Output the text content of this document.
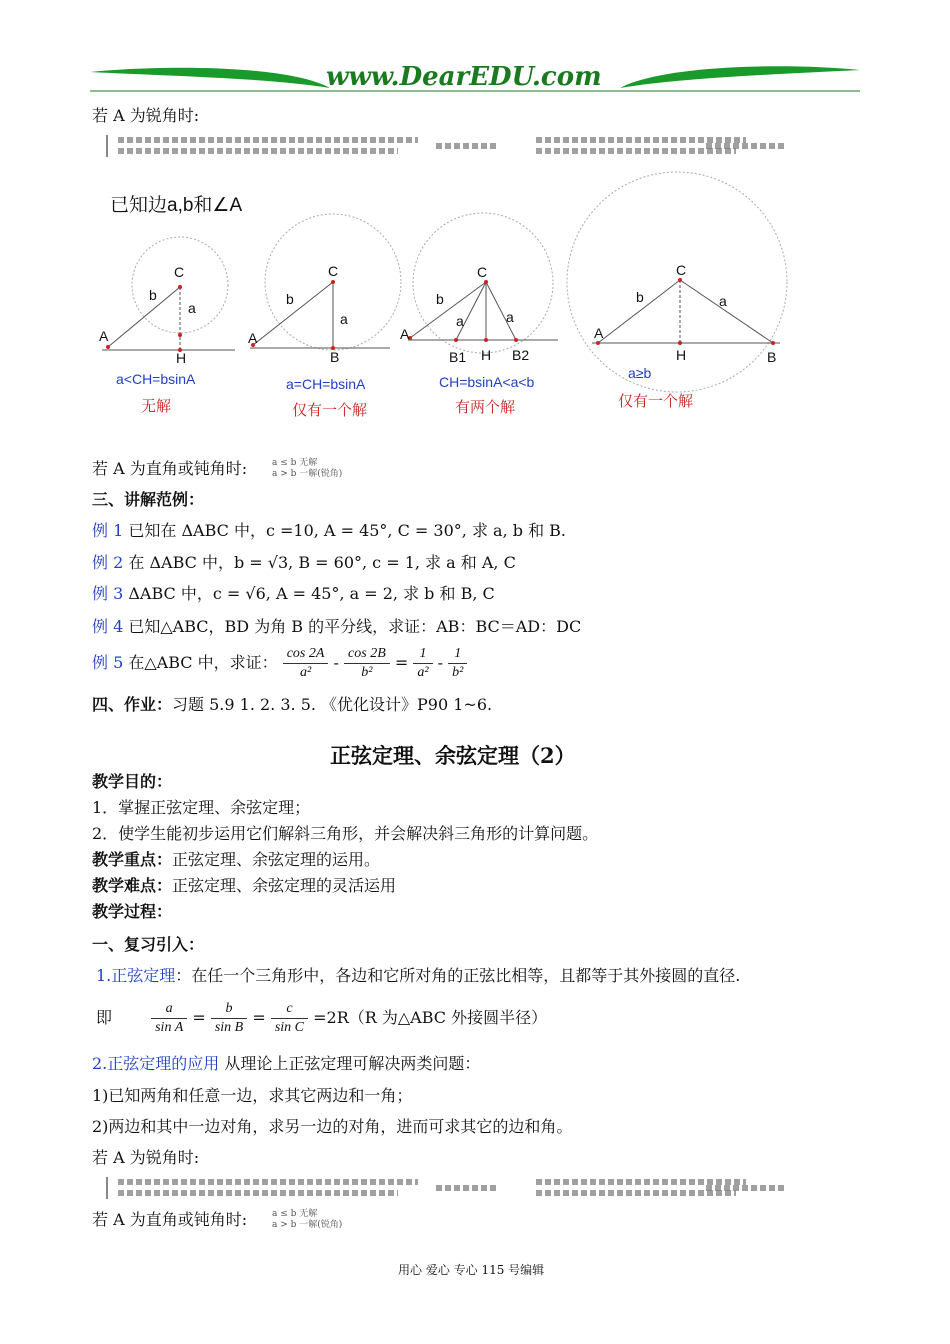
www.DearEDU.com
若 A 为锐角时:
已知边a,b和∠A
C
b
a
A
H
C
b
a
A
B
C
b
a	a
A
B1 H B2
C
b	a
A
H	B
a<CH=bsinA
无解
a=CH=bsinA
仅有一个解
CH=bsinA<a<b
有两个解
a≥b
仅有一个解
若 A 为直角或钝角时:	a ≤ b 无解
a > b 一解(锐角)
三、讲解范例：
例 1 已知在 ΔABC 中，c =10, A = 45°, C = 30°, 求 a, b 和 B.
例 2 在 ΔABC 中，b = √3, B = 60°, c = 1, 求 a 和 A, C
例 3 ΔABC 中，c = √6, A = 45°, a = 2, 求 b 和 B, C
例 4 已知△ABC，BD 为角 B 的平分线，求证：AB：BC＝AD：DC
例 5 在△ABC 中，求证： $\frac{\cos 2A}{\text{a²}} - \frac{\cos 2B}{\text{b²}} = \frac{1}{\text{a²}} - \frac{1}{\text{b²}}$
四、作业：习题 5.9 1. 2. 3. 5. 《优化设计》P90 1~6.
正弦定理、余弦定理（2）
教学目的：
1．掌握正弦定理、余弦定理；
2．使学生能初步运用它们解斜三角形，并会解决斜三角形的计算问题。
教学重点：正弦定理、余弦定理的运用。
教学难点：正弦定理、余弦定理的灵活运用
教学过程：
一、复习引入：
1.正弦定理：在任一个三角形中，各边和它所对角的正弦比相等，且都等于其外接圆的直径.
即	$\frac{a}{\text{sin A}} = \frac{b}{\text{sin B}} = \frac{c}{\text{sin C}} =2R(R$ 为△ABC 外接圆半径）
2.正弦定理的应用 从理论上正弦定理可解决两类问题：
1)已知两角和任意一边，求其它两边和一角；
2)两边和其中一边对角，求另一边的对角，进而可求其它的边和角。
若 A 为锐角时:
若 A 为直角或钝角时:	a ≤ b 无解
a > b 一解(锐角)
用心 爱心 专心 115 号编辑
